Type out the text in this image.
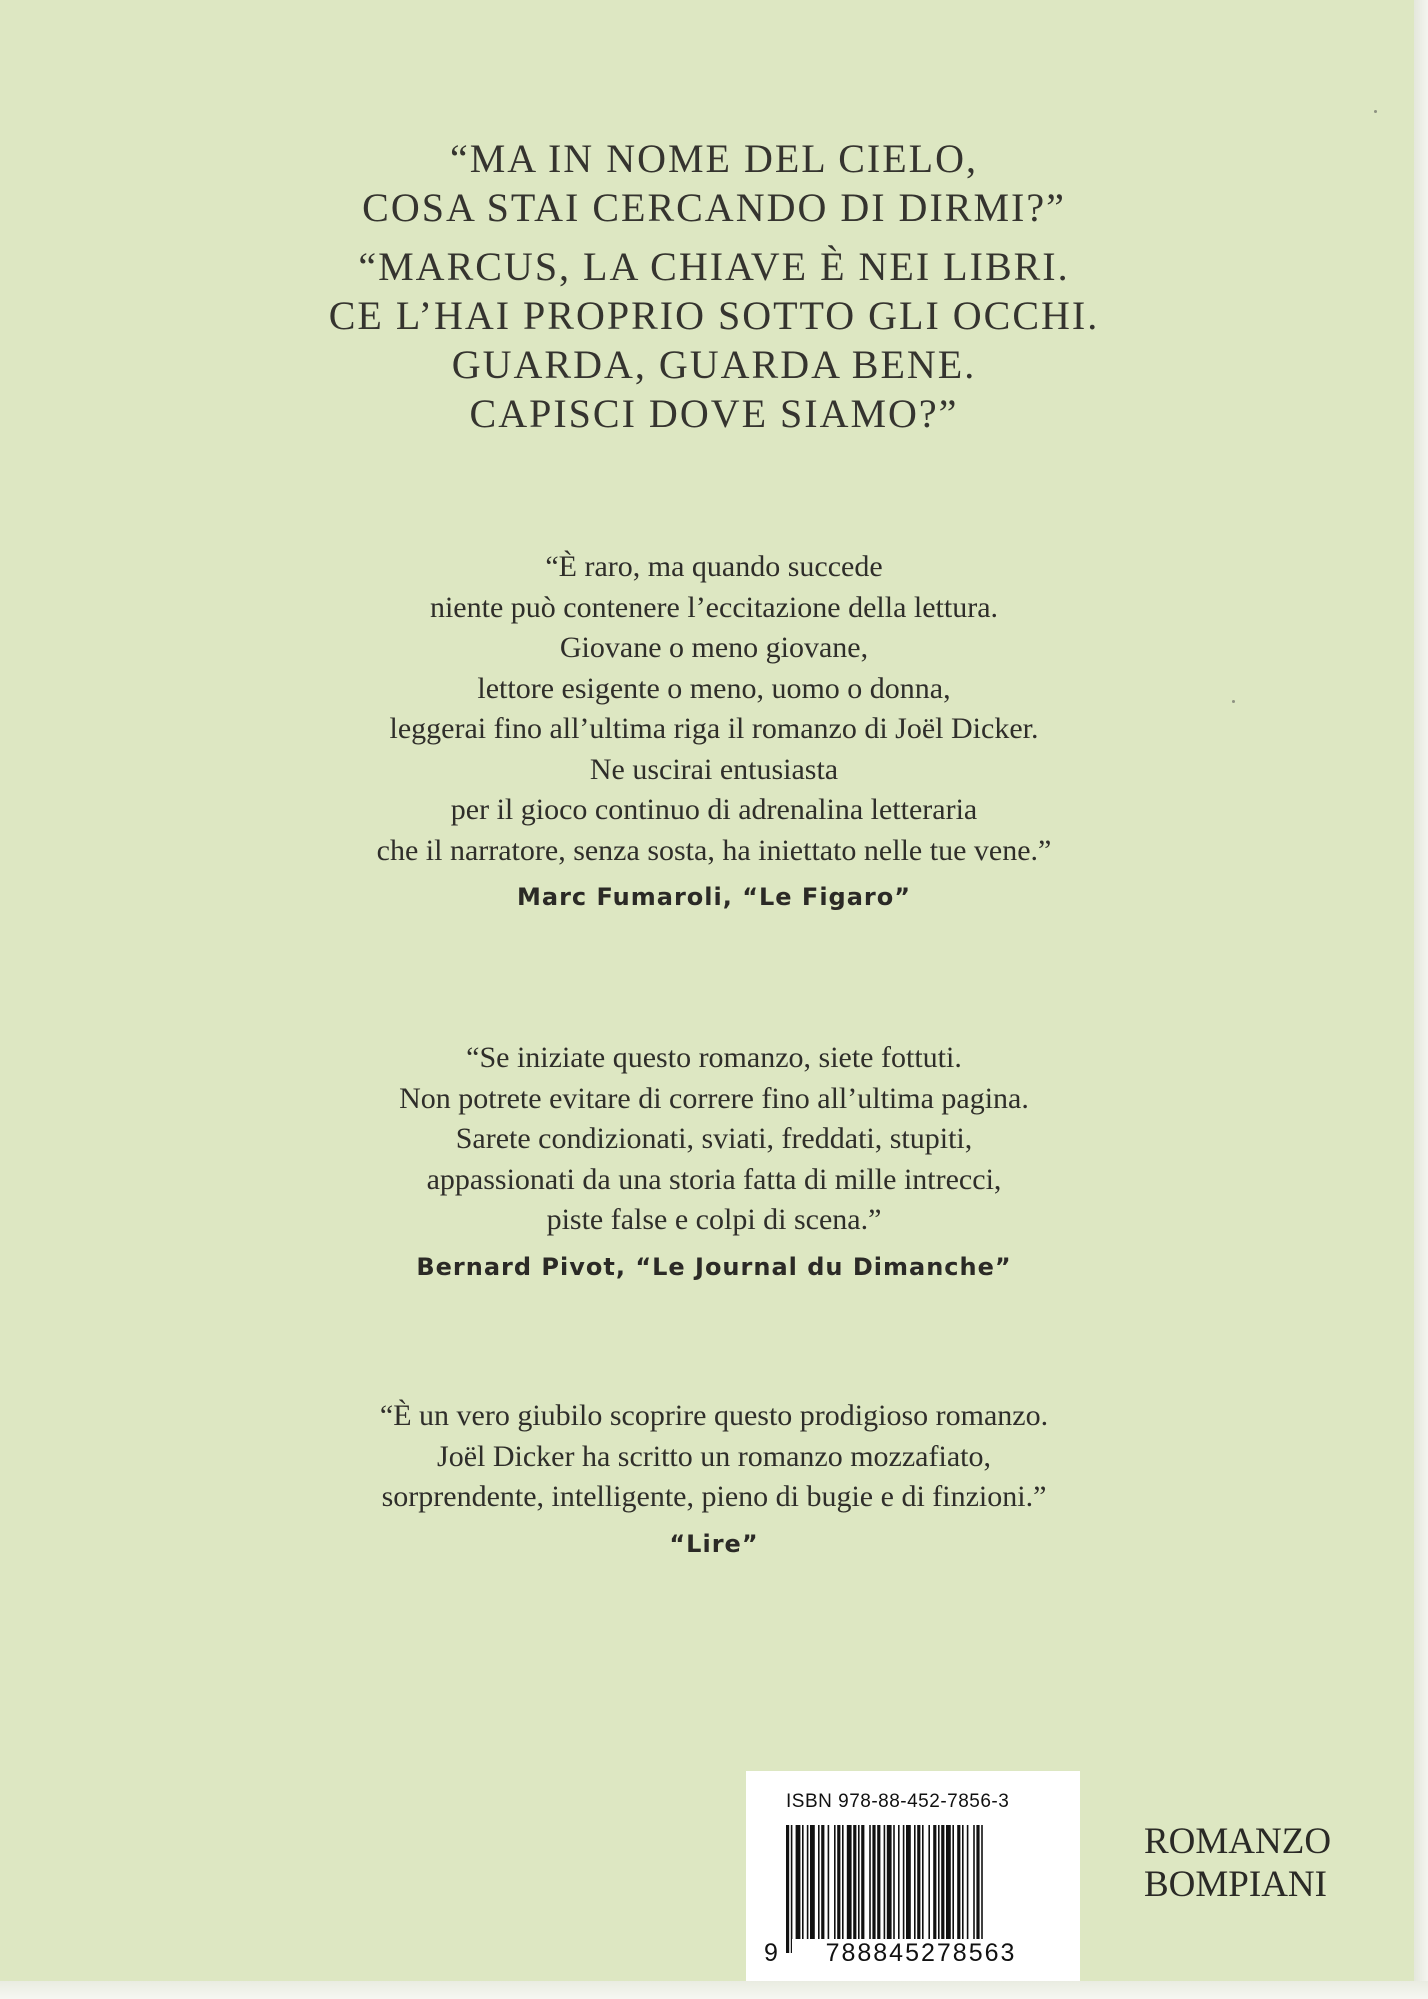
“MA IN NOME DEL CIELO,
COSA STAI CERCANDO DI DIRMI?”
“MARCUS, LA CHIAVE È NEI LIBRI.
CE L’HAI PROPRIO SOTTO GLI OCCHI.
GUARDA, GUARDA BENE.
CAPISCI DOVE SIAMO?”
“È raro, ma quando succede
niente può contenere l’eccitazione della lettura.
Giovane o meno giovane,
lettore esigente o meno, uomo o donna,
leggerai fino all’ultima riga il romanzo di Joël Dicker.
Ne uscirai entusiasta
per il gioco continuo di adrenalina letteraria
che il narratore, senza sosta, ha iniettato nelle tue vene.”
Marc Fumaroli, “Le Figaro”
“Se iniziate questo romanzo, siete fottuti.
Non potrete evitare di correre fino all’ultima pagina.
Sarete condizionati, sviati, freddati, stupiti,
appassionati da una storia fatta di mille intrecci,
piste false e colpi di scena.”
Bernard Pivot, “Le Journal du Dimanche”
“È un vero giubilo scoprire questo prodigioso romanzo.
Joël Dicker ha scritto un romanzo mozzafiato,
sorprendente, intelligente, pieno di bugie e di finzioni.”
“Lire”
ISBN 978-88-452-7856-3
9	788845278563
ROMANZO
BOMPIANI
